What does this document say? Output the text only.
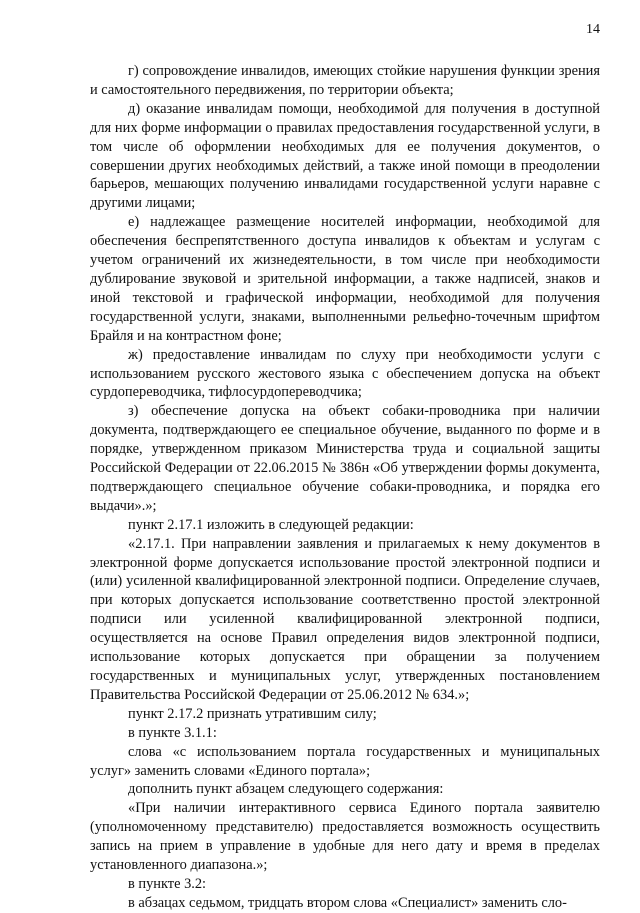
14

г) сопровождение инвалидов, имеющих стойкие нарушения функции зрения и самостоятельного передвижения, по территории объекта;

д) оказание инвалидам помощи, необходимой для получения в доступной для них форме информации о правилах предоставления государственной услуги, в том числе об оформлении необходимых для ее получения документов, о совершении других необходимых действий, а также иной помощи в преодолении барьеров, мешающих получению инвалидами государственной услуги наравне с другими лицами;

е) надлежащее размещение носителей информации, необходимой для обеспечения беспрепятственного доступа инвалидов к объектам и услугам с учетом ограничений их жизнедеятельности, в том числе при необходимости дублирование звуковой и зрительной информации, а также надписей, знаков и иной текстовой и графической информации, необходимой для получения государственной услуги, знаками, выполненными рельефно-точечным шрифтом Брайля и на контрастном фоне;

ж) предоставление инвалидам по слуху при необходимости услуги с использованием русского жестового языка с обеспечением допуска на объект сурдопереводчика, тифлосурдопереводчика;

з) обеспечение допуска на объект собаки-проводника при наличии документа, подтверждающего ее специальное обучение, выданного по форме и в порядке, утвержденном приказом Министерства труда и социальной защиты Российской Федерации от 22.06.2015 № 386н «Об утверждении формы документа, подтверждающего специальное обучение собаки-проводника, и порядка его выдачи».»;

пункт 2.17.1 изложить в следующей редакции:

«2.17.1. При направлении заявления и прилагаемых к нему документов в электронной форме допускается использование простой электронной подписи и (или) усиленной квалифицированной электронной подписи. Определение случаев, при которых допускается использование соответственно простой электронной подписи или усиленной квалифицированной электронной подписи, осуществляется на основе Правил определения видов электронной подписи, использование которых допускается при обращении за получением государственных и муниципальных услуг, утвержденных постановлением Правительства Российской Федерации от 25.06.2012 № 634.»;

пункт 2.17.2 признать утратившим силу;

в пункте 3.1.1:

слова «с использованием портала государственных и муниципальных услуг» заменить словами «Единого портала»;

дополнить пункт абзацем следующего содержания:

«При наличии интерактивного сервиса Единого портала заявителю (уполномоченному представителю) предоставляется возможность осуществить запись на прием в управление в удобные для него дату и время в пределах установленного диапазона.»;

в пункте 3.2:

в абзацах седьмом, тридцать втором слова «Специалист» заменить сло-
